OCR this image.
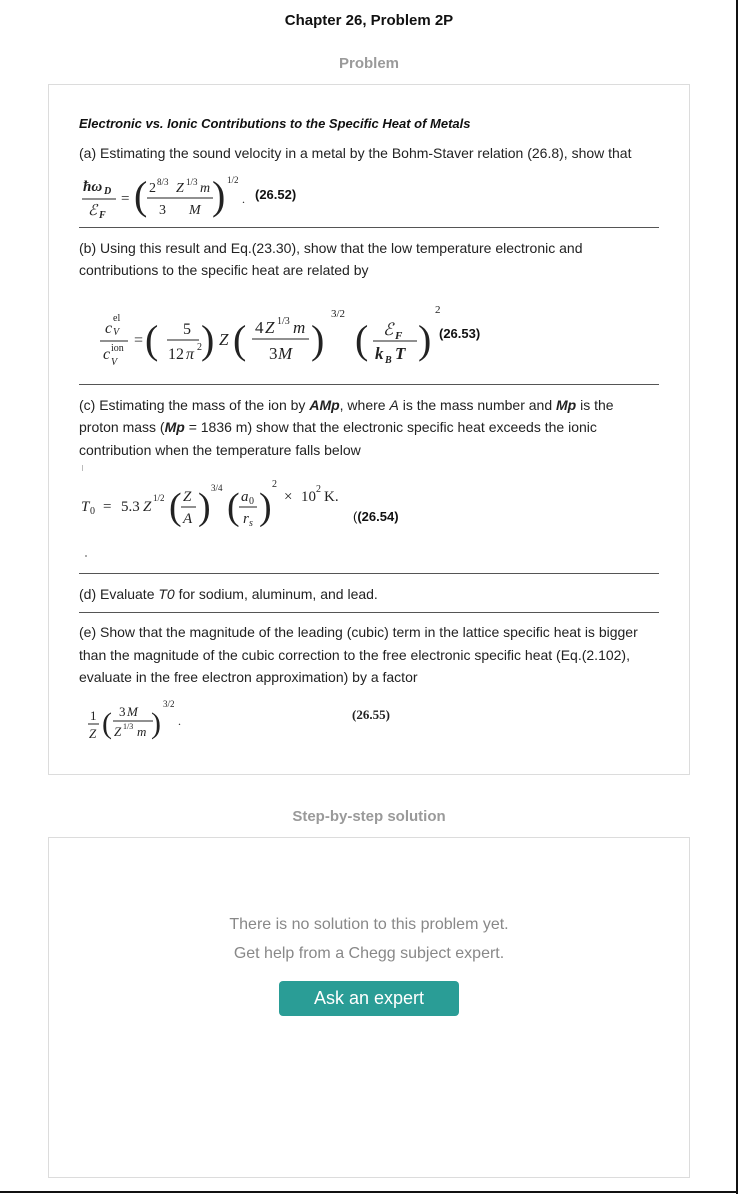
Chapter 26, Problem 2P
Problem
Electronic vs. Ionic Contributions to the Specific Heat of Metals
(a) Estimating the sound velocity in a metal by the Bohm-Staver relation (26.8), show that
ħω D
ℰ F
= ( 2 8/3 Z 1/3 m
3 M ) 1/2
. (26.52)
(b) Using this result and Eq.(23.30), show that the low temperature electronic and
contributions to the specific heat are related by
c
el
V
c ion
V
= ( 5
12 π 2 ) Z ( 4 Z 1/3 m
3 M )
3/2
( ℰ F
k B T )
2
(26.53)
(c) Estimating the mass of the ion by AMp, where A is the mass number and Mp is the
proton mass (Mp = 1836 m) show that the electronic specific heat exceeds the ionic
contribution when the temperature falls below
T 0 = 5.3 Z
1/2 ( Z
A ) 3/4 ( a 0
r s )
2
× 10 2 K.
((26.54)
(d) Evaluate T0 for sodium, aluminum, and lead.
(e) Show that the magnitude of the leading (cubic) term in the lattice specific heat is bigger
than the magnitude of the cubic correction to the free electronic specific heat (Eq.(2.102),
evaluate in the free electron approximation) by a factor
1
Z ( 3 M
Z 1/3 m )
3/2
.	(26.55)
Step-by-step solution
There is no solution to this problem yet.
Get help from a Chegg subject expert.
Ask an expert
